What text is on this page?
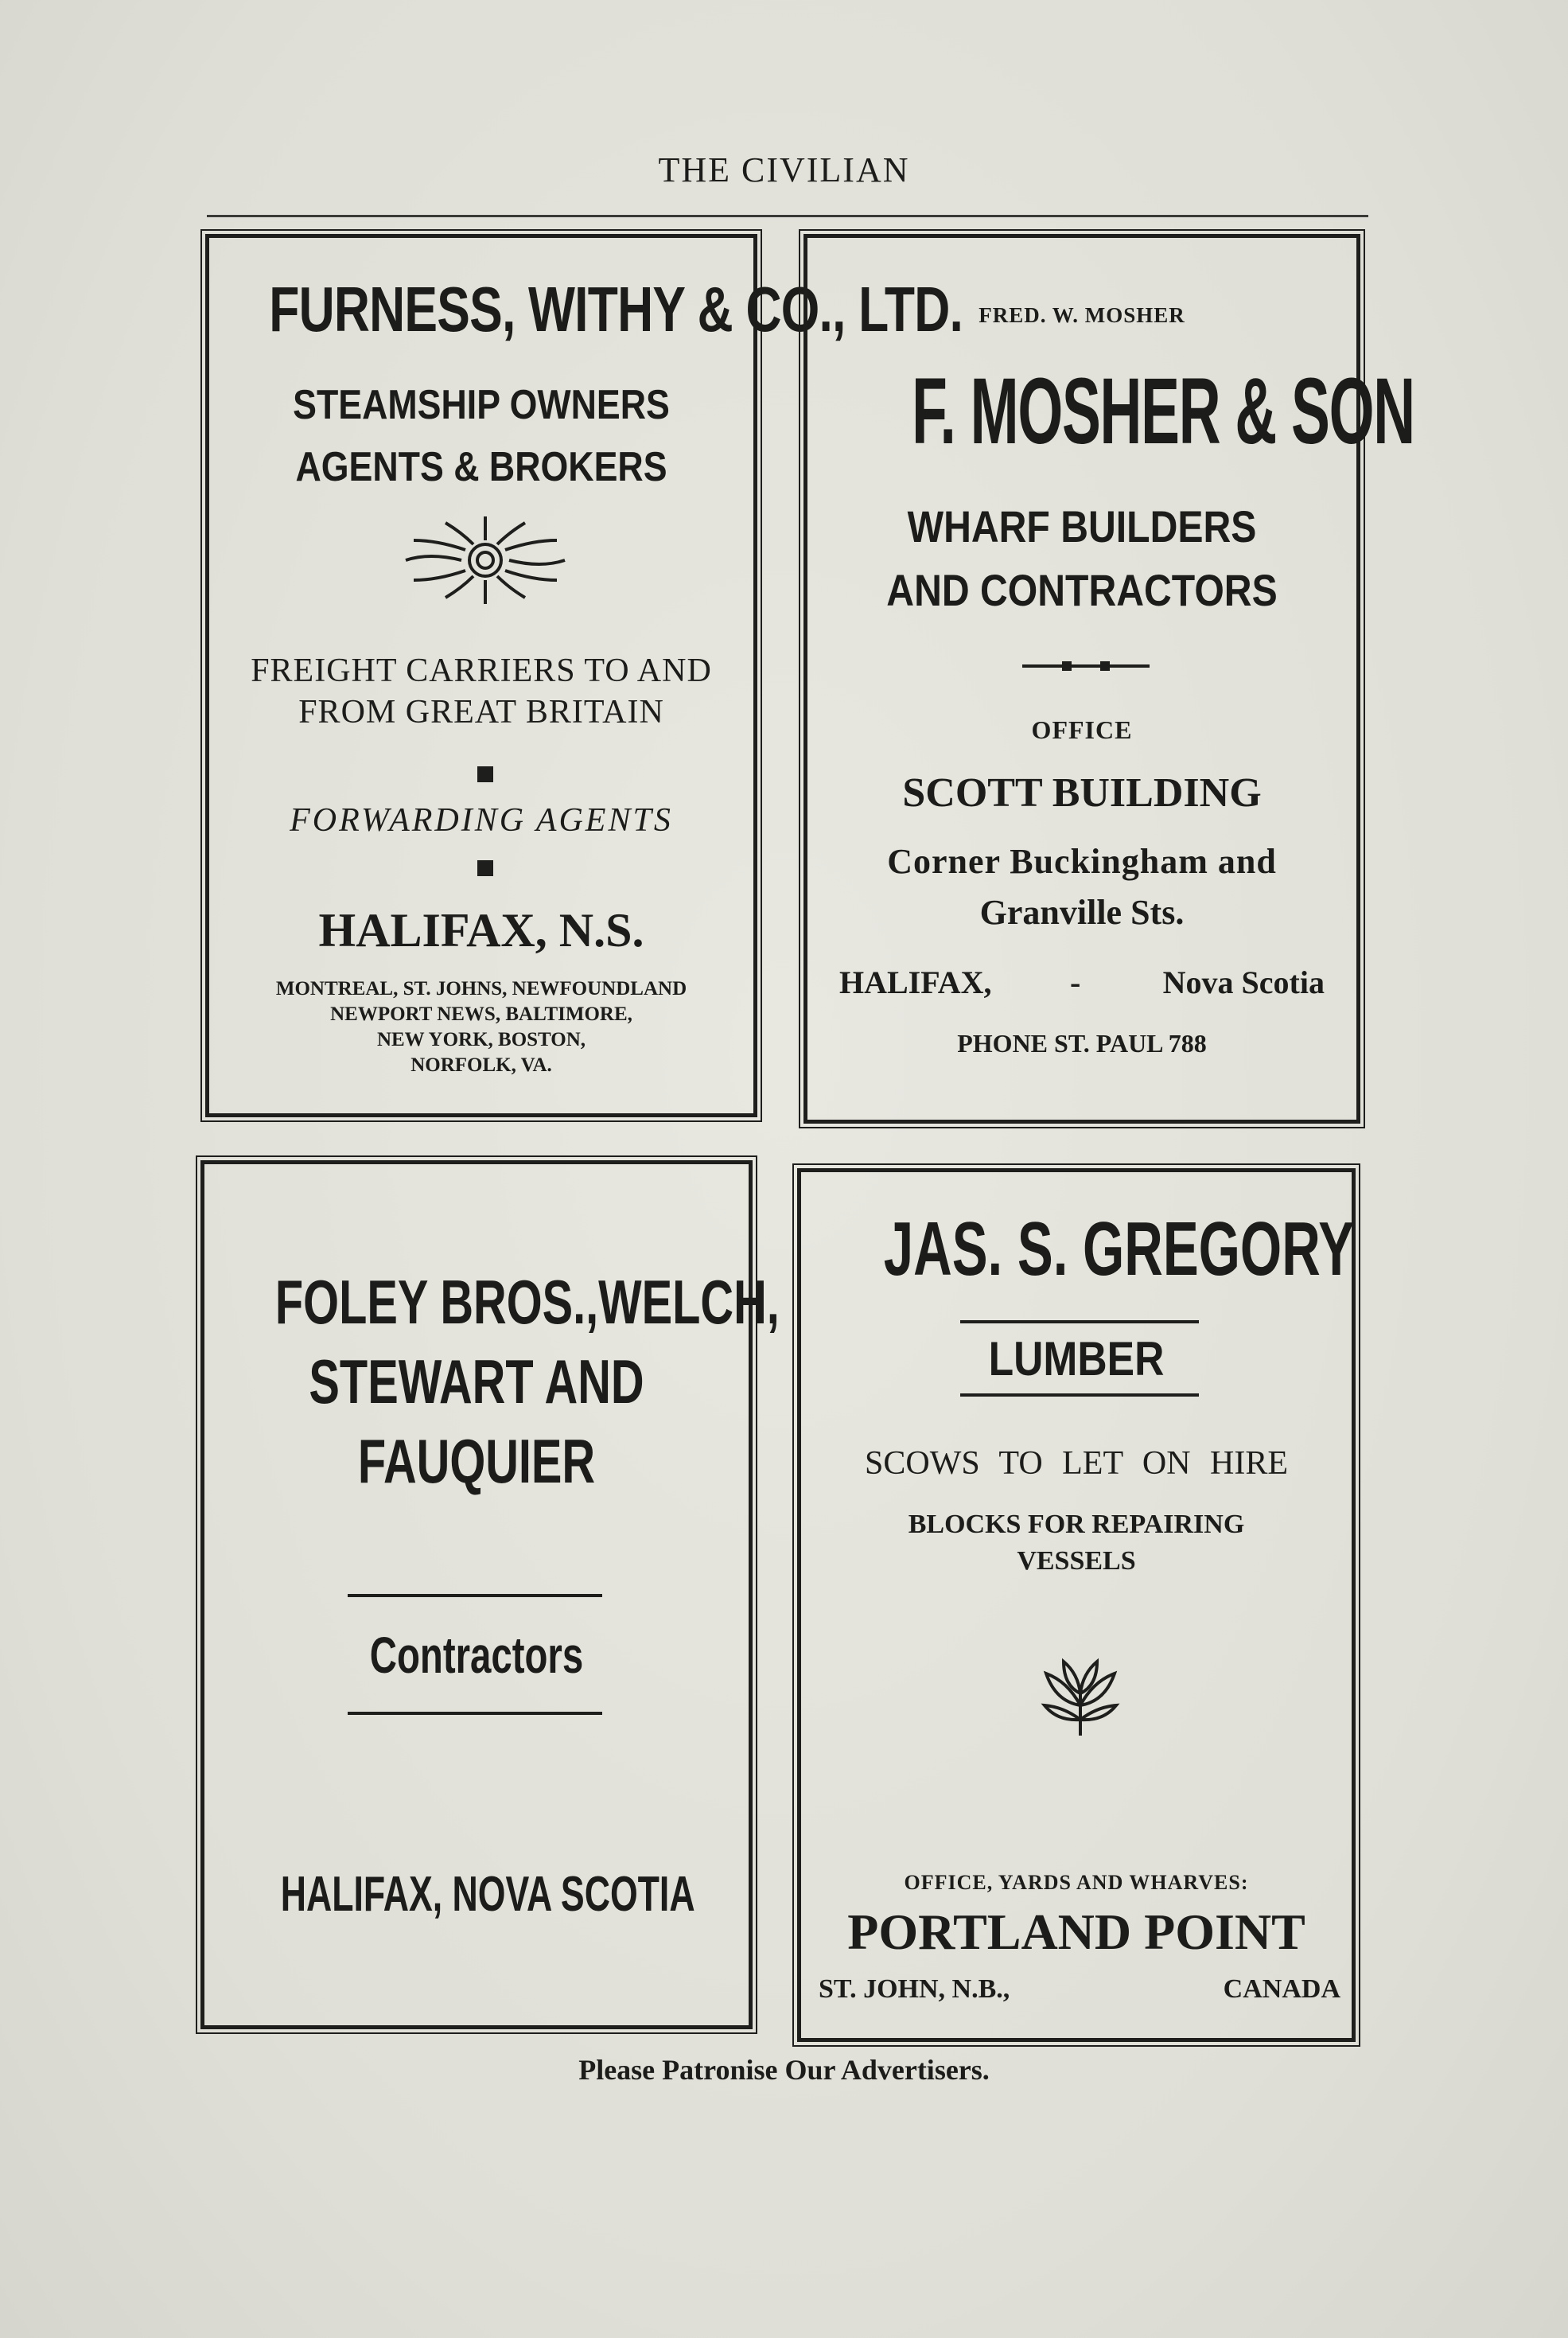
THE CIVILIAN
FURNESS, WITHY & CO., LTD.
STEAMSHIP OWNERS
AGENTS & BROKERS
FREIGHT CARRIERS TO AND
FROM GREAT BRITAIN
FORWARDING AGENTS
HALIFAX, N.S.
MONTREAL, ST. JOHNS, NEWFOUNDLAND
NEWPORT NEWS, BALTIMORE,
NEW YORK, BOSTON,
NORFOLK, VA.
FRED. W. MOSHER
F. MOSHER & SON
WHARF BUILDERS
AND CONTRACTORS
OFFICE
SCOTT BUILDING
Corner Buckingham and
Granville Sts.
HALIFAX, -	Nova Scotia
PHONE ST. PAUL 788
FOLEY BROS.,WELCH,
STEWART AND
FAUQUIER
Contractors
HALIFAX, NOVA SCOTIA
JAS. S. GREGORY
LUMBER
SCOWS TO LET ON HIRE
BLOCKS FOR REPAIRING
VESSELS
OFFICE, YARDS AND WHARVES:
PORTLAND POINT
ST. JOHN, N.B.,	CANADA
Please Patronise Our Advertisers.
